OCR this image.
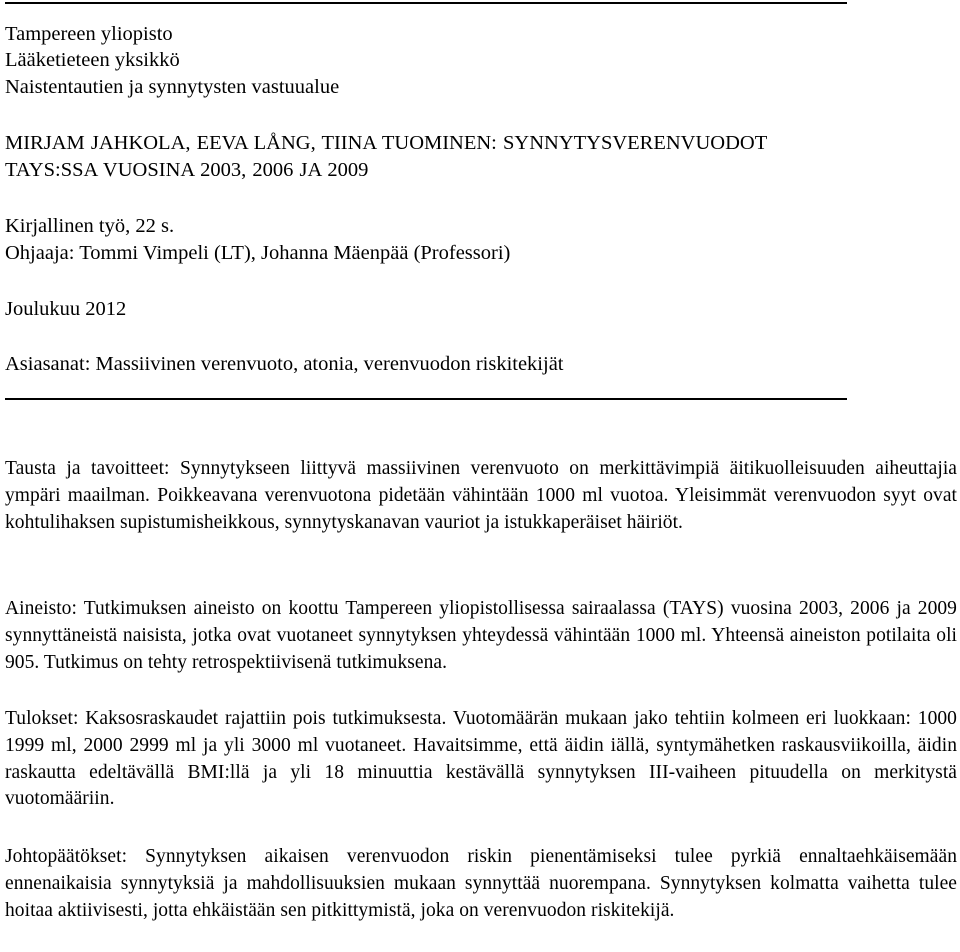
Tampereen yliopisto
Lääketieteen yksikkö
Naistentautien ja synnytysten vastuualue
MIRJAM JAHKOLA, EEVA LÅNG, TIINA TUOMINEN: SYNNYTYSVERENVUODOT
TAYS:SSA VUOSINA 2003, 2006 JA 2009
Kirjallinen työ, 22 s.
Ohjaaja: Tommi Vimpeli (LT), Johanna Mäenpää (Professori)
Joulukuu 2012
Asiasanat: Massiivinen verenvuoto, atonia, verenvuodon riskitekijät
Tausta ja tavoitteet: Synnytykseen liittyvä massiivinen verenvuoto on merkittävimpiä äitikuolleisuuden aiheuttajia ympäri maailman. Poikkeavana verenvuotona pidetään vähintään 1000 ml vuotoa. Yleisimmät verenvuodon syyt ovat kohtulihaksen supistumisheikkous, synnytyskanavan vauriot ja istukkaperäiset häiriöt.
Aineisto: Tutkimuksen aineisto on koottu Tampereen yliopistollisessa sairaalassa (TAYS) vuosina 2003, 2006 ja 2009 synnyttäneistä naisista, jotka ovat vuotaneet synnytyksen yhteydessä vähintään 1000 ml. Yhteensä aineiston potilaita oli 905. Tutkimus on tehty retrospektiivisenä tutkimuksena.
Tulokset: Kaksosraskaudet rajattiin pois tutkimuksesta. Vuotomäärän mukaan jako tehtiin kolmeen eri luokkaan: 1000 1999 ml, 2000 2999 ml ja yli 3000 ml vuotaneet. Havaitsimme, että äidin iällä, syntymähetken raskausviikoilla, äidin raskautta edeltävällä BMI:llä ja yli 18 minuuttia kestävällä synnytyksen III-vaiheen pituudella on merkitystä vuotomääriin.
Johtopäätökset: Synnytyksen aikaisen verenvuodon riskin pienentämiseksi tulee pyrkiä ennaltaehkäisemään ennenaikaisia synnytyksiä ja mahdollisuuksien mukaan synnyttää nuorempana. Synnytyksen kolmatta vaihetta tulee hoitaa aktiivisesti, jotta ehkäistään sen pitkittymistä, joka on verenvuodon riskitekijä.
